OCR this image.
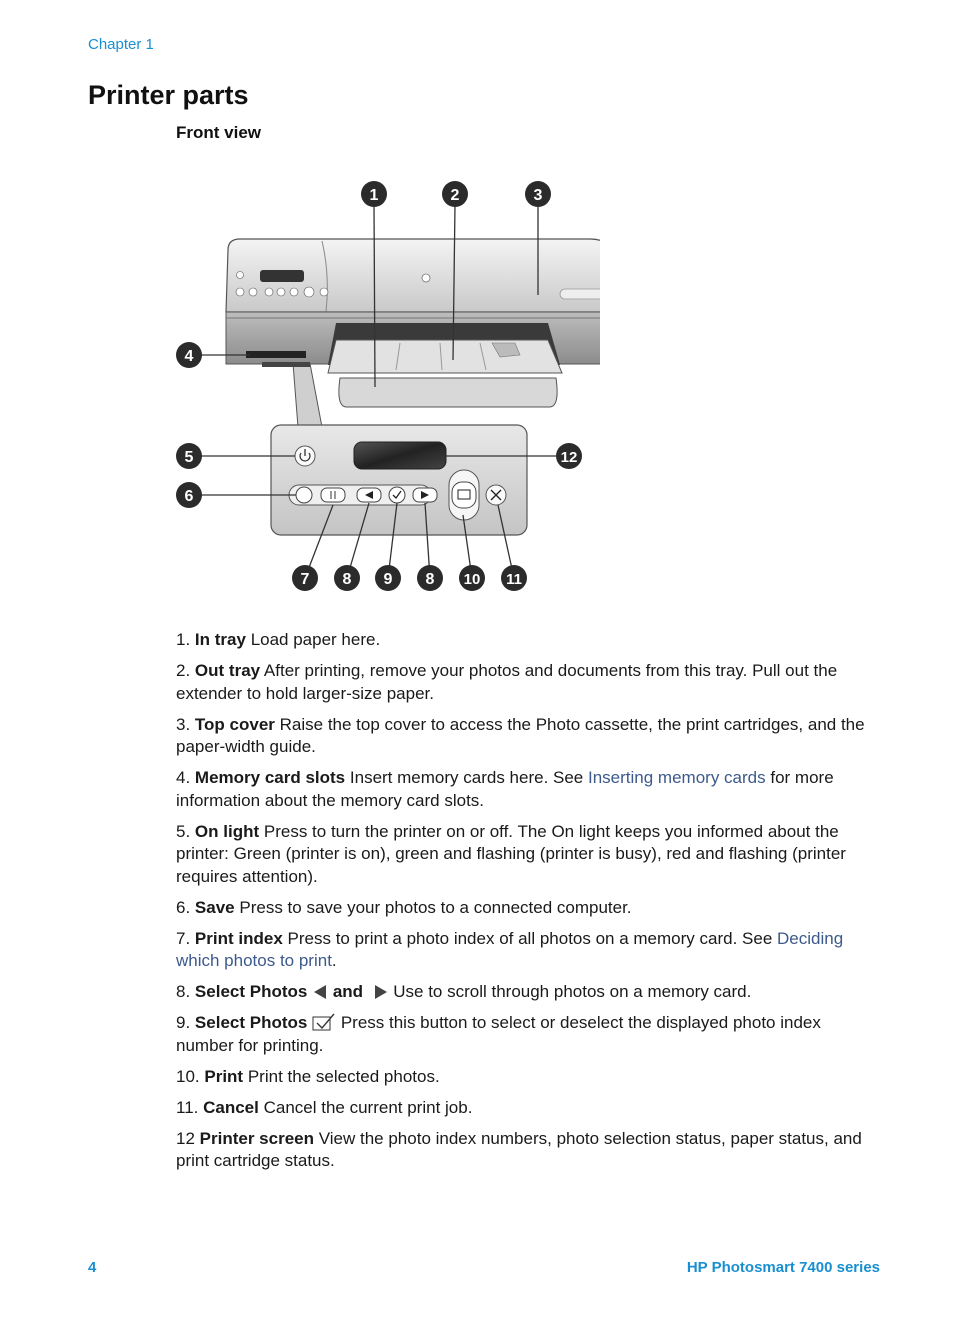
Chapter 1
Printer parts
Front view
1	2	3
4
5
6
7 8 9 8 10 11
12

1. In tray Load paper here.

2. Out tray After printing, remove your photos and documents from this tray. Pull out the extender to hold larger-size paper.

3. Top cover Raise the top cover to access the Photo cassette, the print cartridges, and the paper-width guide.

4. Memory card slots Insert memory cards here. See Inserting memory cards for more information about the memory card slots.

5. On light Press to turn the printer on or off. The On light keeps you informed about the printer: Green (printer is on), green and flashing (printer is busy), red and flashing (printer requires attention).

6. Save Press to save your photos to a connected computer.

7. Print index Press to print a photo index of all photos on a memory card. See Deciding which photos to print.

8. Select Photos and Use to scroll through photos on a memory card.

9. Select Photos Press this button to select or deselect the displayed photo index number for printing.

10. Print Print the selected photos.

11. Cancel Cancel the current print job.

12 Printer screen View the photo index numbers, photo selection status, paper status, and print cartridge status.

4	HP Photosmart 7400 series
